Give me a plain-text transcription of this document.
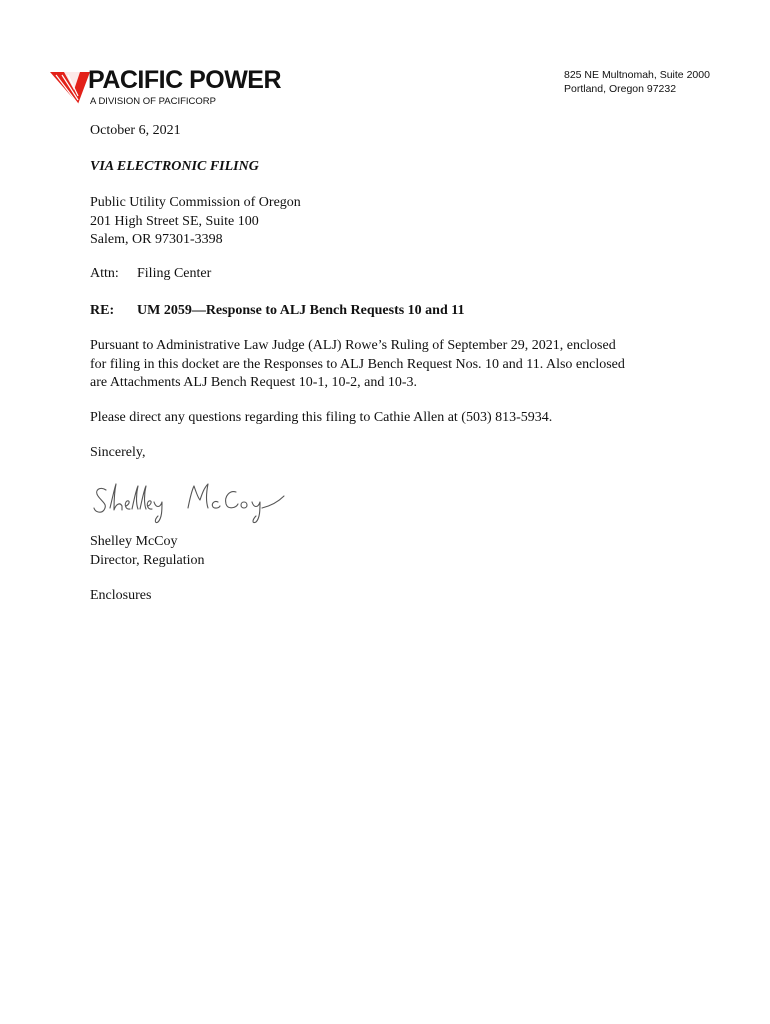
PACIFIC POWER
A DIVISION OF PACIFICORP
825 NE Multnomah, Suite 2000
Portland, Oregon 97232
October 6, 2021
VIA ELECTRONIC FILING
Public Utility Commission of Oregon
201 High Street SE, Suite 100
Salem, OR 97301-3398
Attn: Filing Center
RE: UM 2059—Response to ALJ Bench Requests 10 and 11
Pursuant to Administrative Law Judge (ALJ) Rowe’s Ruling of September 29, 2021, enclosed
for filing in this docket are the Responses to ALJ Bench Request Nos. 10 and 11. Also enclosed
are Attachments ALJ Bench Request 10-1, 10-2, and 10-3.
Please direct any questions regarding this filing to Cathie Allen at (503) 813-5934.
Sincerely,
Shelley McCoy
Director, Regulation
Enclosures
